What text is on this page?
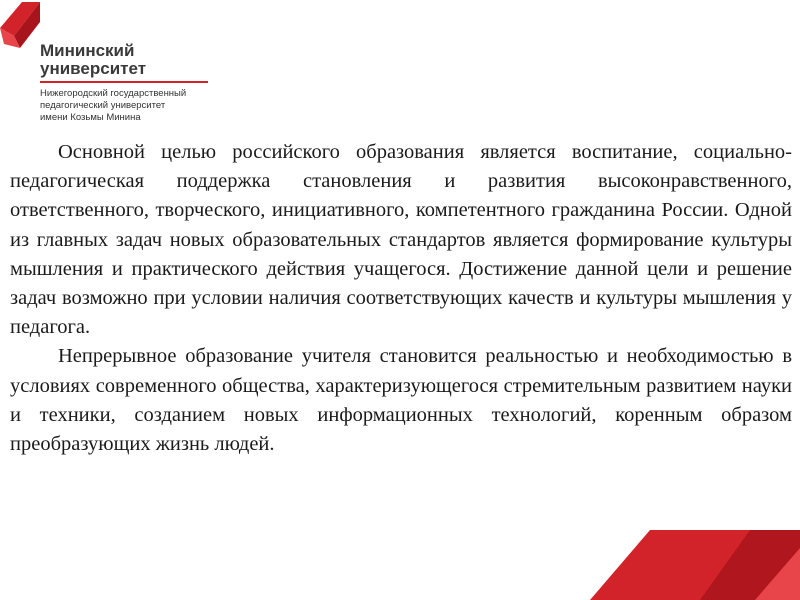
Мининский
университет
Нижегородский государственный
педагогический университет
имени Козьмы Минина

Основной целью российского образования является воспитание, социально-педагогическая поддержка становления и развития высоконравственного, ответственного, творческого, инициативного, компетентного гражданина России. Одной из главных задач новых образовательных стандартов является формирование культуры мышления и практического действия учащегося. Достижение данной цели и решение задач возможно при условии наличия соответствующих качеств и культуры мышления у педагога.

Непрерывное образование учителя становится реальностью и необходимостью в условиях современного общества, характеризующегося стремительным развитием науки и техники, созданием новых информационных технологий, коренным образом преобразующих жизнь людей.
